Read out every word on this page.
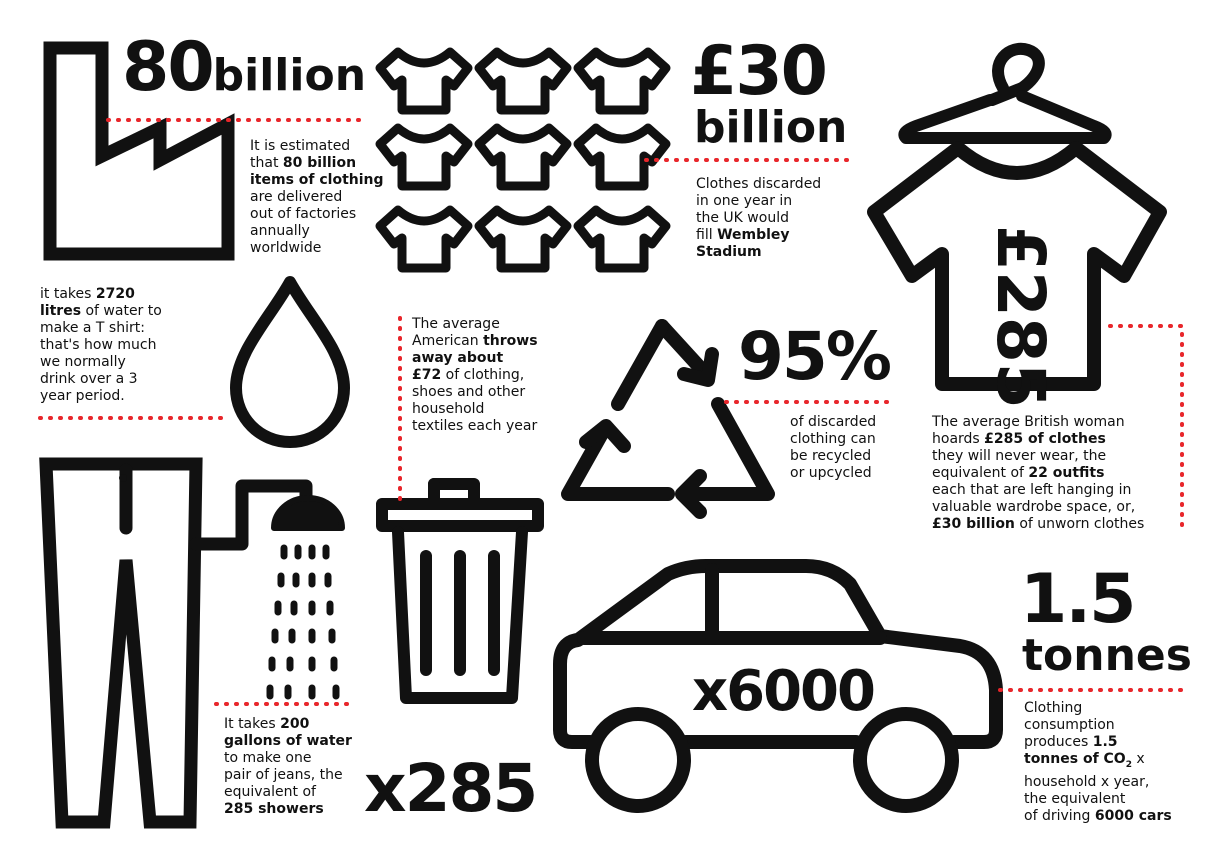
80billion
It is estimated
that 80 billion
items of clothing
are delivered
out of factories
annually
worldwide
£30
billion
Clothes discarded
in one year in
the UK would
fill Wembley
Stadium	£285
The average British woman
hoards £285 of clothes
they will never wear, the
equivalent of 22 outfits
each that are left hanging in
valuable wardrobe space, or,
£30 billion of unworn clothes
it takes 2720
litres of water to
make a T shirt:
that's how much
we normally
drink over a 3
year period.
The average
American throws
away about
£72 of clothing,
shoes and other
household
textiles each year
95%
of discarded
clothing can
be recycled
or upcycled
It takes 200
gallons of water
to make one
pair of jeans, the
equivalent of
285 showers x285
x6000
1.5
tonnes
Clothing
consumption
produces 1.5
tonnes of $CO_2$ x
household x year,
the equivalent
of driving 6000 cars
